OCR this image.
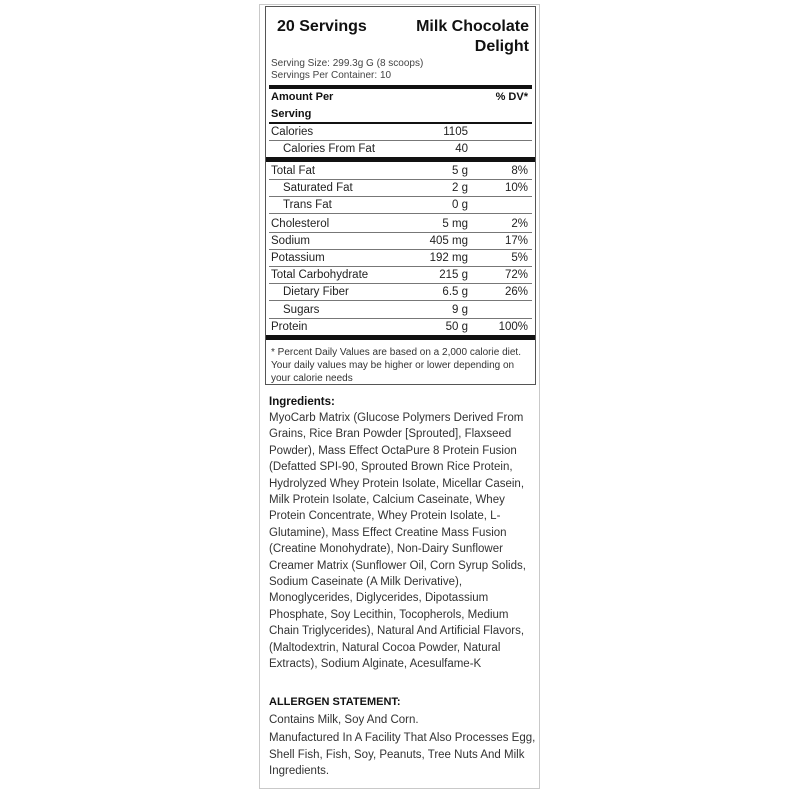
20 Servings	Milk Chocolate Delight
Serving Size: 299.3g G (8 scoops)
Servings Per Container: 10
Amount Per Serving
% DV*
Calories	1105
Calories From Fat	40
Total Fat	5 g	8%
Saturated Fat	2 g	10%
Trans Fat	0 g
Cholesterol	5 mg	2%
Sodium	405 mg	17%
Potassium	192 mg	5%
Total Carbohydrate	215 g	72%
Dietary Fiber	6.5 g	26%
Sugars	9 g
Protein	50 g	100%
* Percent Daily Values are based on a 2,000 calorie diet. Your daily values may be higher or lower depending on your calorie needs
Ingredients:
MyoCarb Matrix (Glucose Polymers Derived From Grains, Rice Bran Powder [Sprouted], Flaxseed Powder), Mass Effect OctaPure 8 Protein Fusion (Defatted SPI-90, Sprouted Brown Rice Protein, Hydrolyzed Whey Protein Isolate, Micellar Casein, Milk Protein Isolate, Calcium Caseinate, Whey Protein Concentrate, Whey Protein Isolate, L-Glutamine), Mass Effect Creatine Mass Fusion (Creatine Monohydrate), Non-Dairy Sunflower Creamer Matrix (Sunflower Oil, Corn Syrup Solids, Sodium Caseinate (A Milk Derivative), Monoglycerides, Diglycerides, Dipotassium Phosphate, Soy Lecithin, Tocopherols, Medium Chain Triglycerides), Natural And Artificial Flavors, (Maltodextrin, Natural Cocoa Powder, Natural Extracts), Sodium Alginate, Acesulfame-K
ALLERGEN STATEMENT:
Contains Milk, Soy And Corn.
Manufactured In A Facility That Also Processes Egg, Shell Fish, Fish, Soy, Peanuts, Tree Nuts And Milk Ingredients.
